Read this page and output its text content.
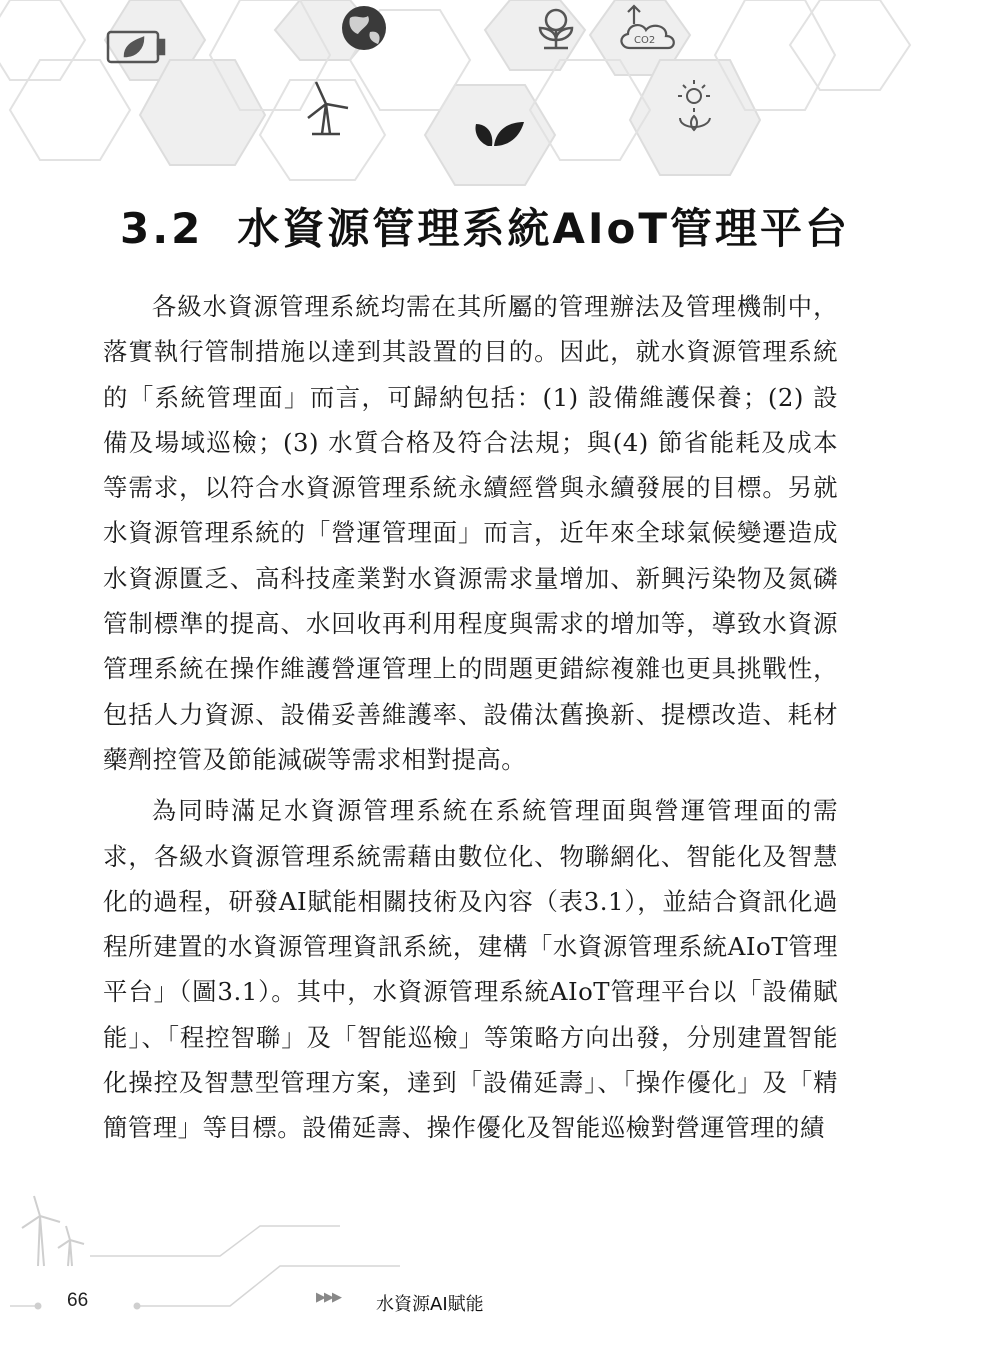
CO2
3.2 水資源管理系統AIoT管理平台

各級水資源管理系統均需在其所屬的管理辦法及管理機制中，落實執行管制措施以達到其設置的目的。因此，就水資源管理系統的「系統管理面」而言，可歸納包括：(1) 設備維護保養；(2) 設備及場域巡檢；(3) 水質合格及符合法規；與(4) 節省能耗及成本等需求，以符合水資源管理系統永續經營與永續發展的目標。另就水資源管理系統的「營運管理面」而言，近年來全球氣候變遷造成水資源匱乏、高科技產業對水資源需求量增加、新興污染物及氮磷管制標準的提高、水回收再利用程度與需求的增加等，導致水資源管理系統在操作維護營運管理上的問題更錯綜複雜也更具挑戰性，包括人力資源、設備妥善維護率、設備汰舊換新、提標改造、耗材藥劑控管及節能減碳等需求相對提高。

為同時滿足水資源管理系統在系統管理面與營運管理面的需求，各級水資源管理系統需藉由數位化、物聯網化、智能化及智慧化的過程，研發AI賦能相關技術及內容（表3.1），並結合資訊化過程所建置的水資源管理資訊系統，建構「水資源管理系統AIoT管理平台」（圖3.1）。其中，水資源管理系統AIoT管理平台以「設備賦能」、「程控智聯」及「智能巡檢」等策略方向出發，分別建置智能化操控及智慧型管理方案，達到「設備延壽」、「操作優化」及「精簡管理」等目標。設備延壽、操作優化及智能巡檢對營運管理的績

66	▶▶▶ 水資源AI賦能
